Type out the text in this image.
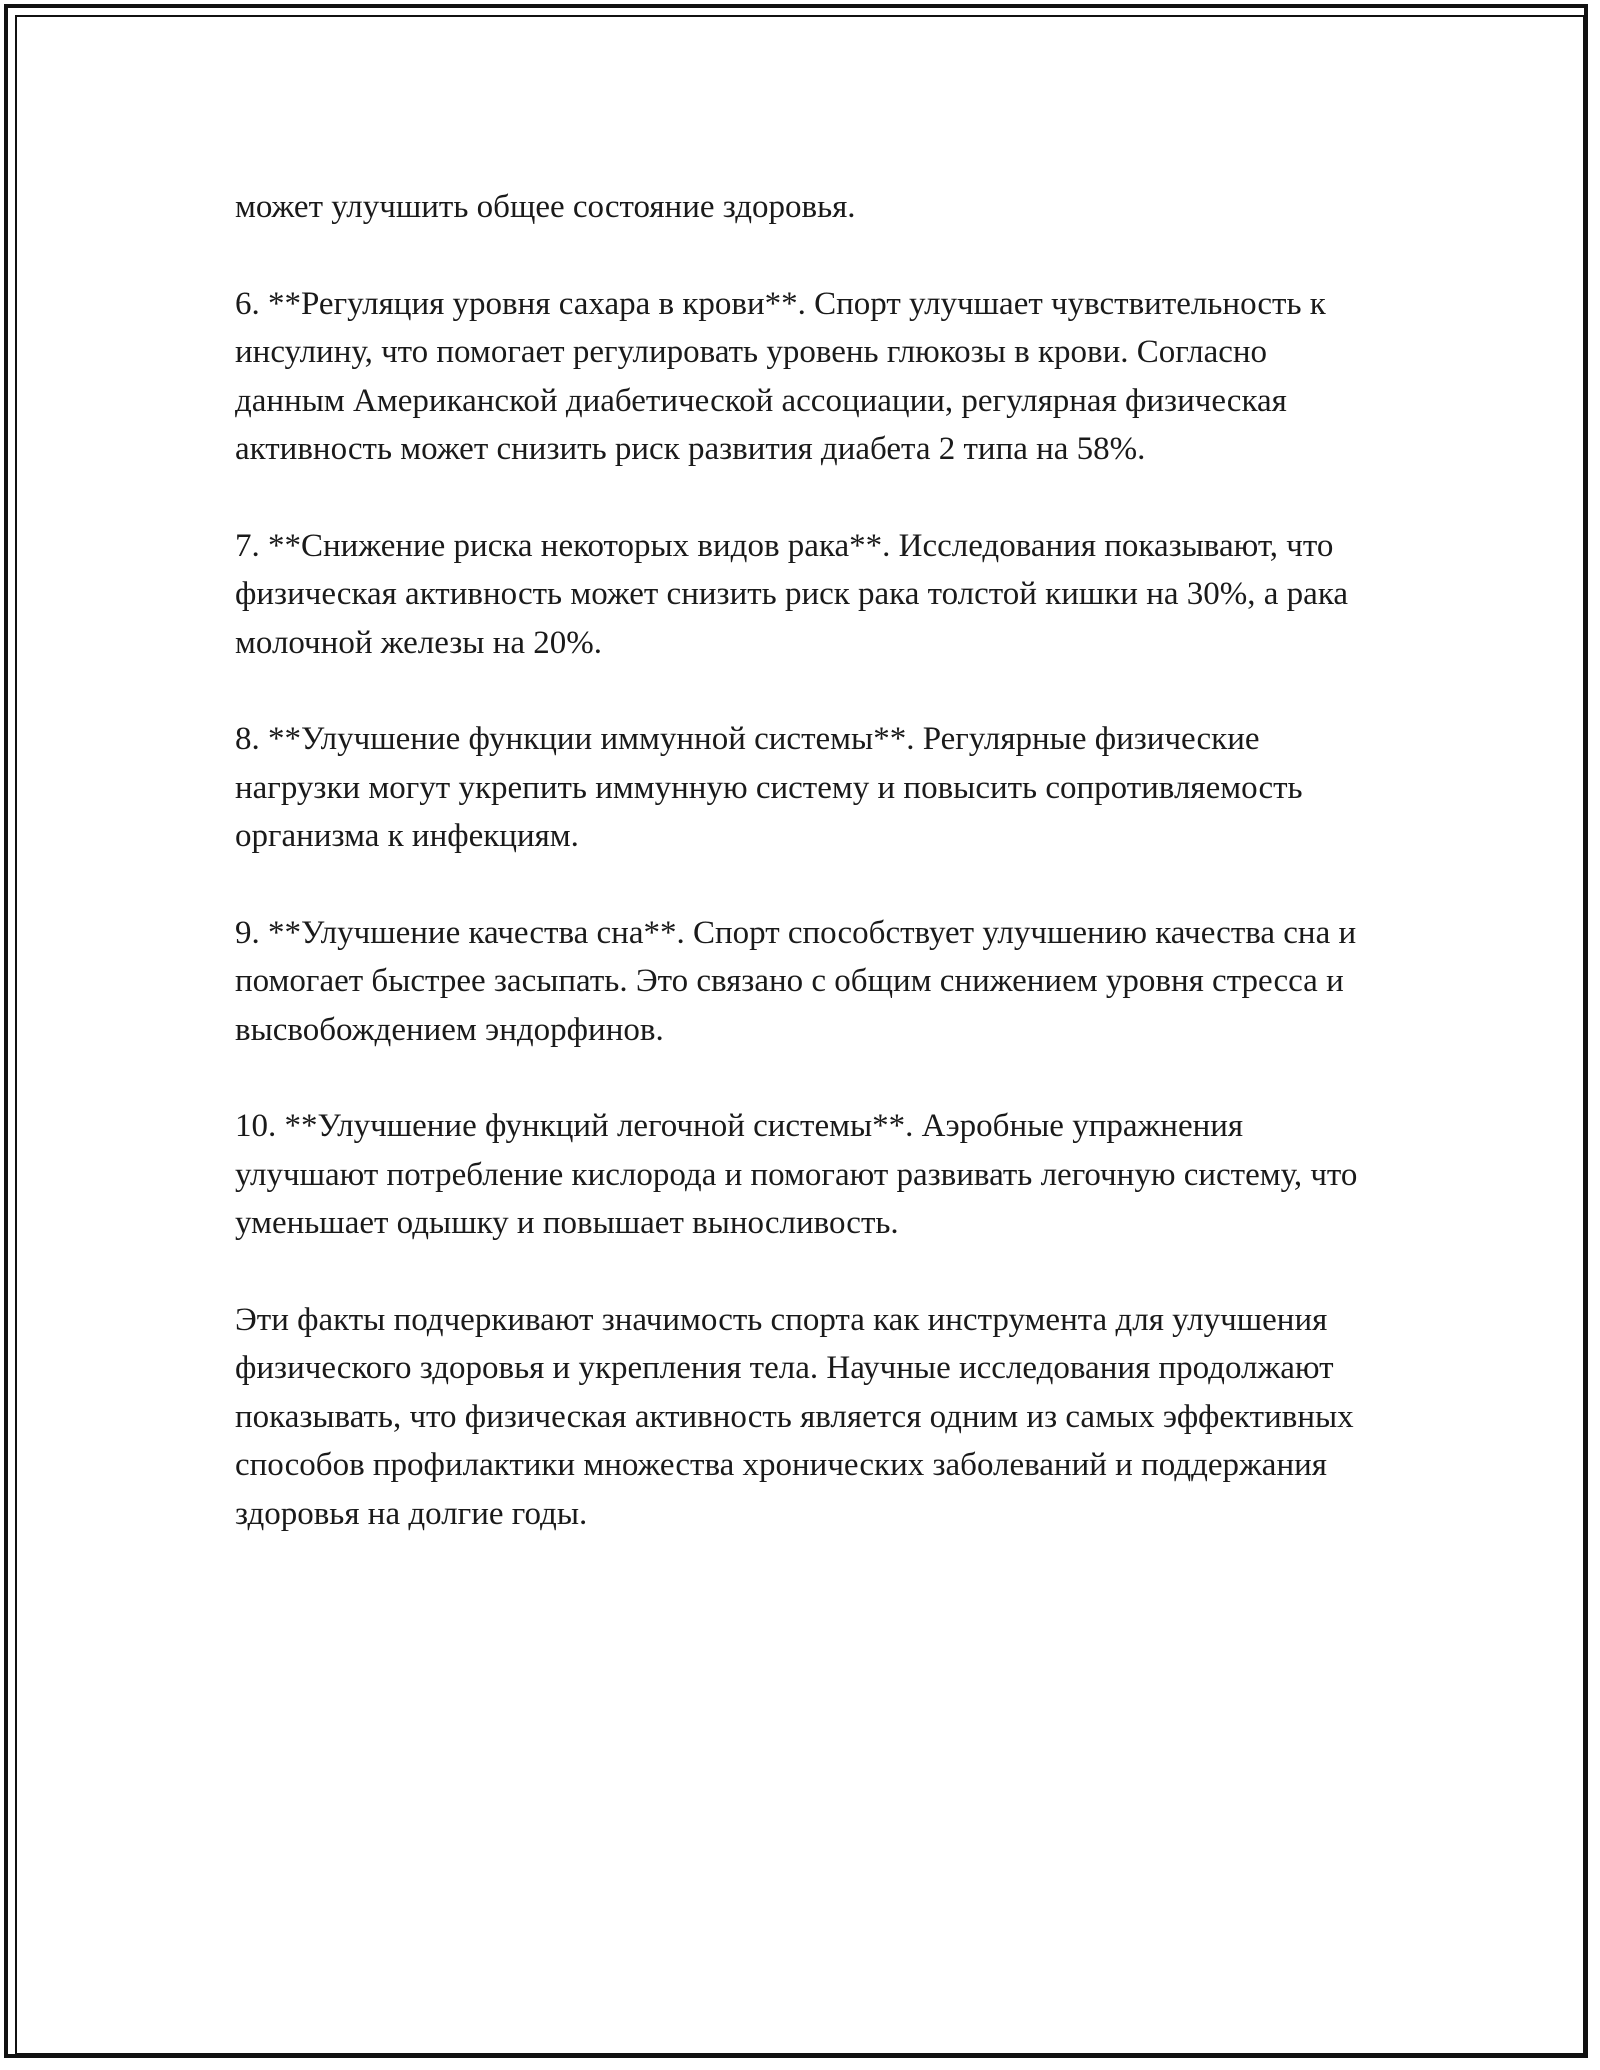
может улучшить общее состояние здоровья.

6. **Регуляция уровня сахара в крови**. Спорт улучшает чувствительность к инсулину, что помогает регулировать уровень глюкозы в крови. Согласно данным Американской диабетической ассоциации, регулярная физическая активность может снизить риск развития диабета 2 типа на 58%.

7. **Снижение риска некоторых видов рака**. Исследования показывают, что физическая активность может снизить риск рака толстой кишки на 30%, а рака молочной железы на 20%.

8. **Улучшение функции иммунной системы**. Регулярные физические нагрузки могут укрепить иммунную систему и повысить сопротивляемость организма к инфекциям.

9. **Улучшение качества сна**. Спорт способствует улучшению качества сна и помогает быстрее засыпать. Это связано с общим снижением уровня стресса и высвобождением эндорфинов.

10. **Улучшение функций легочной системы**. Аэробные упражнения улучшают потребление кислорода и помогают развивать легочную систему, что уменьшает одышку и повышает выносливость.

Эти факты подчеркивают значимость спорта как инструмента для улучшения физического здоровья и укрепления тела. Научные исследования продолжают показывать, что физическая активность является одним из самых эффективных способов профилактики множества хронических заболеваний и поддержания здоровья на долгие годы.
